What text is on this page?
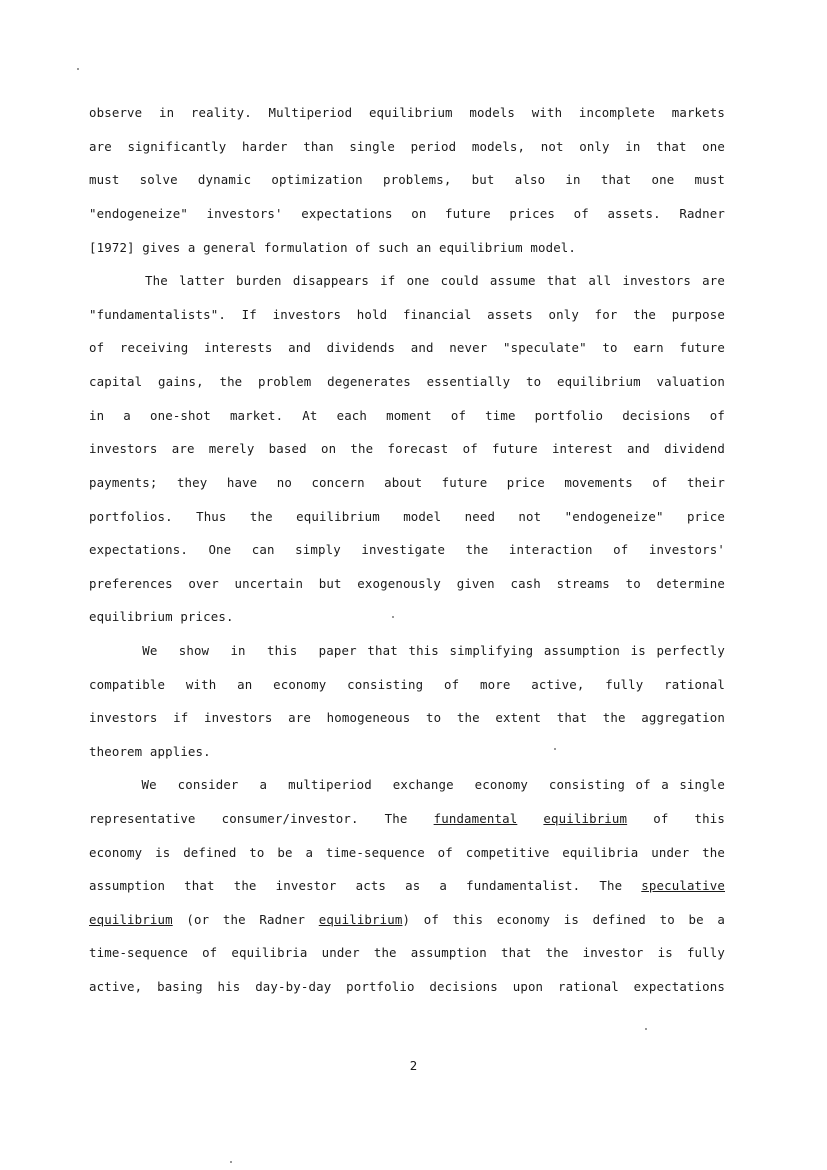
observe in reality. Multiperiod equilibrium models with incomplete markets
are significantly harder than single period models, not only in that one
must solve dynamic optimization problems, but also in that one must
"endogeneize" investors' expectations on future prices of assets. Radner
[1972] gives a general formulation of such an equilibrium model.
The latter burden disappears if one could assume that all investors are
"fundamentalists". If investors hold financial assets only for the purpose
of receiving interests and dividends and never "speculate" to earn future
capital gains, the problem degenerates essentially to equilibrium valuation
in a one-shot market. At each moment of time portfolio decisions of
investors are merely based on the forecast of future interest and dividend
payments; they have no concern about future price movements of their
portfolios. Thus the equilibrium model need not "endogeneize" price
expectations. One can simply investigate the interaction of investors'
preferences over uncertain but exogenously given cash streams to determine
equilibrium prices.
We  show  in  this  paper that this simplifying assumption is perfectly
compatible with an economy consisting of more active, fully rational
investors if investors are homogeneous to the extent that the aggregation
theorem applies.
We  consider  a  multiperiod  exchange  economy  consisting of a single
representative consumer/investor. The fundamental equilibrium of this
economy is defined to be a time-sequence of competitive equilibria under the
assumption that the investor acts as a fundamentalist. The speculative
equilibrium (or the Radner equilibrium) of this economy is defined to be a
time-sequence of equilibria under the assumption that the investor is fully
active, basing his day-by-day portfolio decisions upon rational expectations
2
